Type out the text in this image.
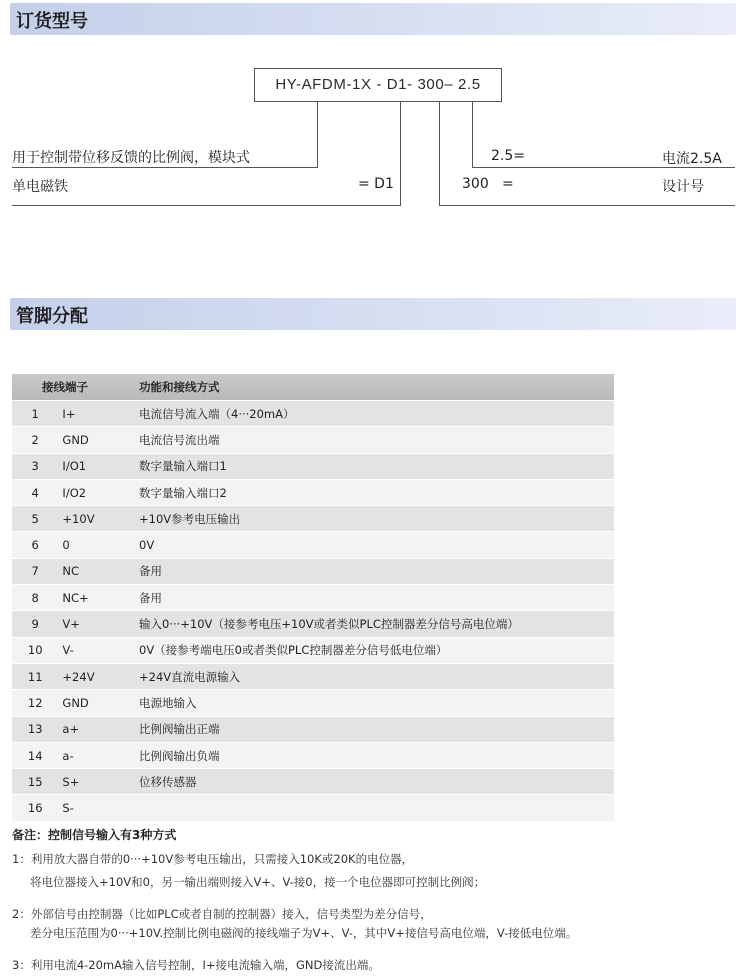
订货型号
HY-AFDM-1X - D1- 300– 2.5
用于控制带位移反馈的比例阀，模块式
单电磁铁	= D1
2.5=	电流2.5A
300 =	设计号
管脚分配
接线端子		功能和接线方式
1	I+	电流信号流入端（4···20mA）
2	GND	电流信号流出端
3	I/O1	数字量输入端口1
4	I/O2	数字量输入端口2
5	+10V	+10V参考电压输出
6	0	0V
7	NC	备用
8	NC+	备用
9	V+	输入0···+10V（接参考电压+10V或者类似PLC控制器差分信号高电位端）
10	V-	0V（接参考端电压0或者类似PLC控制器差分信号低电位端）
11	+24V	+24V直流电源输入
12	GND	电源地输入
13	a+	比例阀输出正端
14	a-	比例阀输出负端
15	S+	位移传感器
16	S-	
备注：控制信号输入有3种方式
1：利用放大器自带的0···+10V参考电压输出，只需接入10K或20K的电位器，
将电位器接入+10V和0，另一输出端则接入V+、V-接0，接一个电位器即可控制比例阀；
2：外部信号由控制器（比如PLC或者自制的控制器）接入，信号类型为差分信号，
差分电压范围为0···+10V.控制比例电磁阀的接线端子为V+、V-，其中V+接信号高电位端，V-接低电位端。
3：利用电流4-20mA输入信号控制，I+接电流输入端，GND接流出端。
